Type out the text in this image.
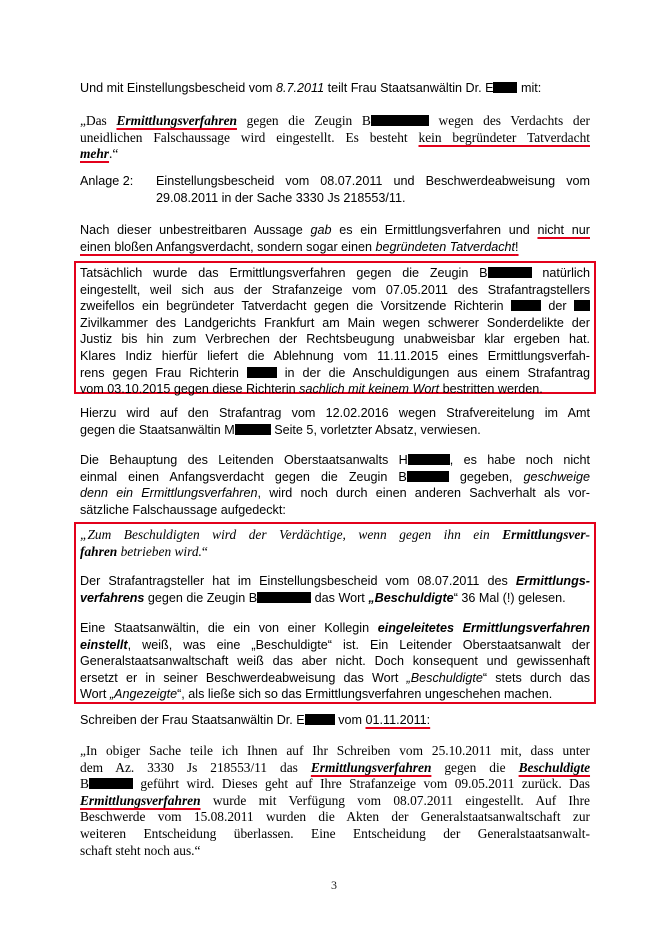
Und mit Einstellungsbescheid vom 8.7.2011 teilt Frau Staatsanwältin Dr. E mit:

„Das Ermittlungsverfahren gegen die Zeugin B	wegen des Verdachts der
uneidlichen Falschaussage wird eingestellt. Es besteht kein begründeter Tatverdacht
mehr.“

Anlage 2: Einstellungsbescheid vom 08.07.2011 und Beschwerdeabweisung vom
29.08.2011 in der Sache 3330 Js 218553/11.

Nach dieser unbestreitbaren Aussage gab es ein Ermittlungsverfahren und nicht nur
einen bloßen Anfangsverdacht, sondern sogar einen begründeten Tatverdacht!

Tatsächlich wurde das Ermittlungsverfahren gegen die Zeugin B	natürlich
eingestellt, weil sich aus der Strafanzeige vom 07.05.2011 des Strafantragstellers
zweifellos ein begründeter Tatverdacht gegen die Vorsitzende Richterin  der
Zivilkammer des Landgerichts Frankfurt am Main wegen schwerer Sonderdelikte der
Justiz bis hin zum Verbrechen der Rechtsbeugung unabweisbar klar ergeben hat.
Klares Indiz hierfür liefert die Ablehnung vom 11.11.2015 eines Ermittlungsverfah-
rens gegen Frau Richterin  in der die Anschuldigungen aus einem Strafantrag
vom 03.10.2015 gegen diese Richterin sachlich mit keinem Wort bestritten werden.

Hierzu wird auf den Strafantrag vom 12.02.2016 wegen Strafvereitelung im Amt
gegen die Staatsanwältin M	Seite 5, vorletzter Absatz, verwiesen.

Die Behauptung des Leitenden Oberstaatsanwalts H	, es habe noch nicht
einmal einen Anfangsverdacht gegen die Zeugin B	gegeben, geschweige
denn ein Ermittlungsverfahren, wird noch durch einen anderen Sachverhalt als vor-
sätzliche Falschaussage aufgedeckt:

„Zum Beschuldigten wird der Verdächtige, wenn gegen ihn ein Ermittlungsver-
fahren betrieben wird.“

Der Strafantragsteller hat im Einstellungsbescheid vom 08.07.2011 des Ermittlungs-
verfahrens gegen die Zeugin B	das Wort „Beschuldigte“ 36 Mal (!) gelesen.

Eine Staatsanwältin, die ein von einer Kollegin eingeleitetes Ermittlungsverfahren
einstellt, weiß, was eine „Beschuldigte“ ist. Ein Leitender Oberstaatsanwalt der
Generalstaatsanwaltschaft weiß das aber nicht. Doch konsequent und gewissenhaft
ersetzt er in seiner Beschwerdeabweisung das Wort „Beschuldigte“ stets durch das
Wort „Angezeigte“, als ließe sich so das Ermittlungsverfahren ungeschehen machen.

Schreiben der Frau Staatsanwältin Dr. E vom 01.11.2011:

„In obiger Sache teile ich Ihnen auf Ihr Schreiben vom 25.10.2011 mit, dass unter
dem Az. 3330 Js 218553/11 das Ermittlungsverfahren gegen die Beschuldigte
B	geführt wird. Dieses geht auf Ihre Strafanzeige vom 09.05.2011 zurück. Das
Ermittlungsverfahren wurde mit Verfügung vom 08.07.2011 eingestellt. Auf Ihre
Beschwerde vom 15.08.2011 wurden die Akten der Generalstaatsanwaltschaft zur
weiteren Entscheidung überlassen. Eine Entscheidung der Generalstaatsanwalt-
schaft steht noch aus.“

3
